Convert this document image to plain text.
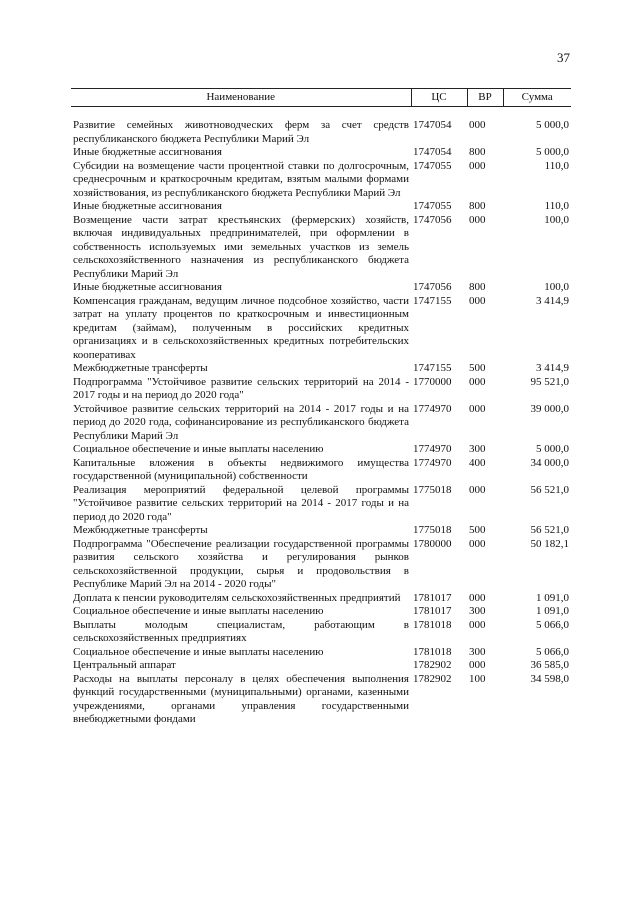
37
Наименование	ЦС	ВР	Сумма
Развитие семейных животноводческих ферм за счет средств республиканского бюджета Республики Марий Эл	1747054	000	5 000,0
Иные бюджетные ассигнования	1747054	800	5 000,0
Субсидии на возмещение части процентной ставки по долгосрочным, среднесрочным и краткосрочным кредитам, взятым малыми формами хозяйствования, из республиканского бюджета Республики Марий Эл	1747055	000	110,0
Иные бюджетные ассигнования	1747055	800	110,0
Возмещение части затрат крестьянских (фермерских) хозяйств, включая индивидуальных предпринимателей, при оформлении в собственность используемых ими земельных участков из земель сельскохозяйственного назначения из республиканского бюджета Республики Марий Эл	1747056	000	100,0
Иные бюджетные ассигнования	1747056	800	100,0
Компенсация гражданам, ведущим личное подсобное хозяйство, части затрат на уплату процентов по краткосрочным и инвестиционным кредитам (займам), полученным в российских кредитных организациях и в сельскохозяйственных кредитных потребительских кооперативах	1747155	000	3 414,9
Межбюджетные трансферты	1747155	500	3 414,9
Подпрограмма "Устойчивое развитие сельских территорий на 2014 - 2017 годы и на период до 2020 года"	1770000	000	95 521,0
Устойчивое развитие сельских территорий на 2014 - 2017 годы и на период до 2020 года, софинансирование из республиканского бюджета Республики Марий Эл	1774970	000	39 000,0
Социальное обеспечение и иные выплаты населению	1774970	300	5 000,0
Капитальные вложения в объекты недвижимого имущества государственной (муниципальной) собственности	1774970	400	34 000,0
Реализация мероприятий федеральной целевой программы "Устойчивое развитие сельских территорий на 2014 - 2017 годы и на период до 2020 года"	1775018	000	56 521,0
Межбюджетные трансферты	1775018	500	56 521,0
Подпрограмма "Обеспечение реализации государственной программы развития сельского хозяйства и регулирования рынков сельскохозяйственной продукции, сырья и продовольствия в Республике Марий Эл на 2014 - 2020 годы"	1780000	000	50 182,1
Доплата к пенсии руководителям сельскохозяйственных предприятий	1781017	000	1 091,0
Социальное обеспечение и иные выплаты населению	1781017	300	1 091,0
Выплаты молодым специалистам, работающим в сельскохозяйственных предприятиях	1781018	000	5 066,0
Социальное обеспечение и иные выплаты населению	1781018	300	5 066,0
Центральный аппарат	1782902	000	36 585,0
Расходы на выплаты персоналу в целях обеспечения выполнения функций государственными (муниципальными) органами, казенными учреждениями, органами управления государственными внебюджетными фондами	1782902	100	34 598,0
